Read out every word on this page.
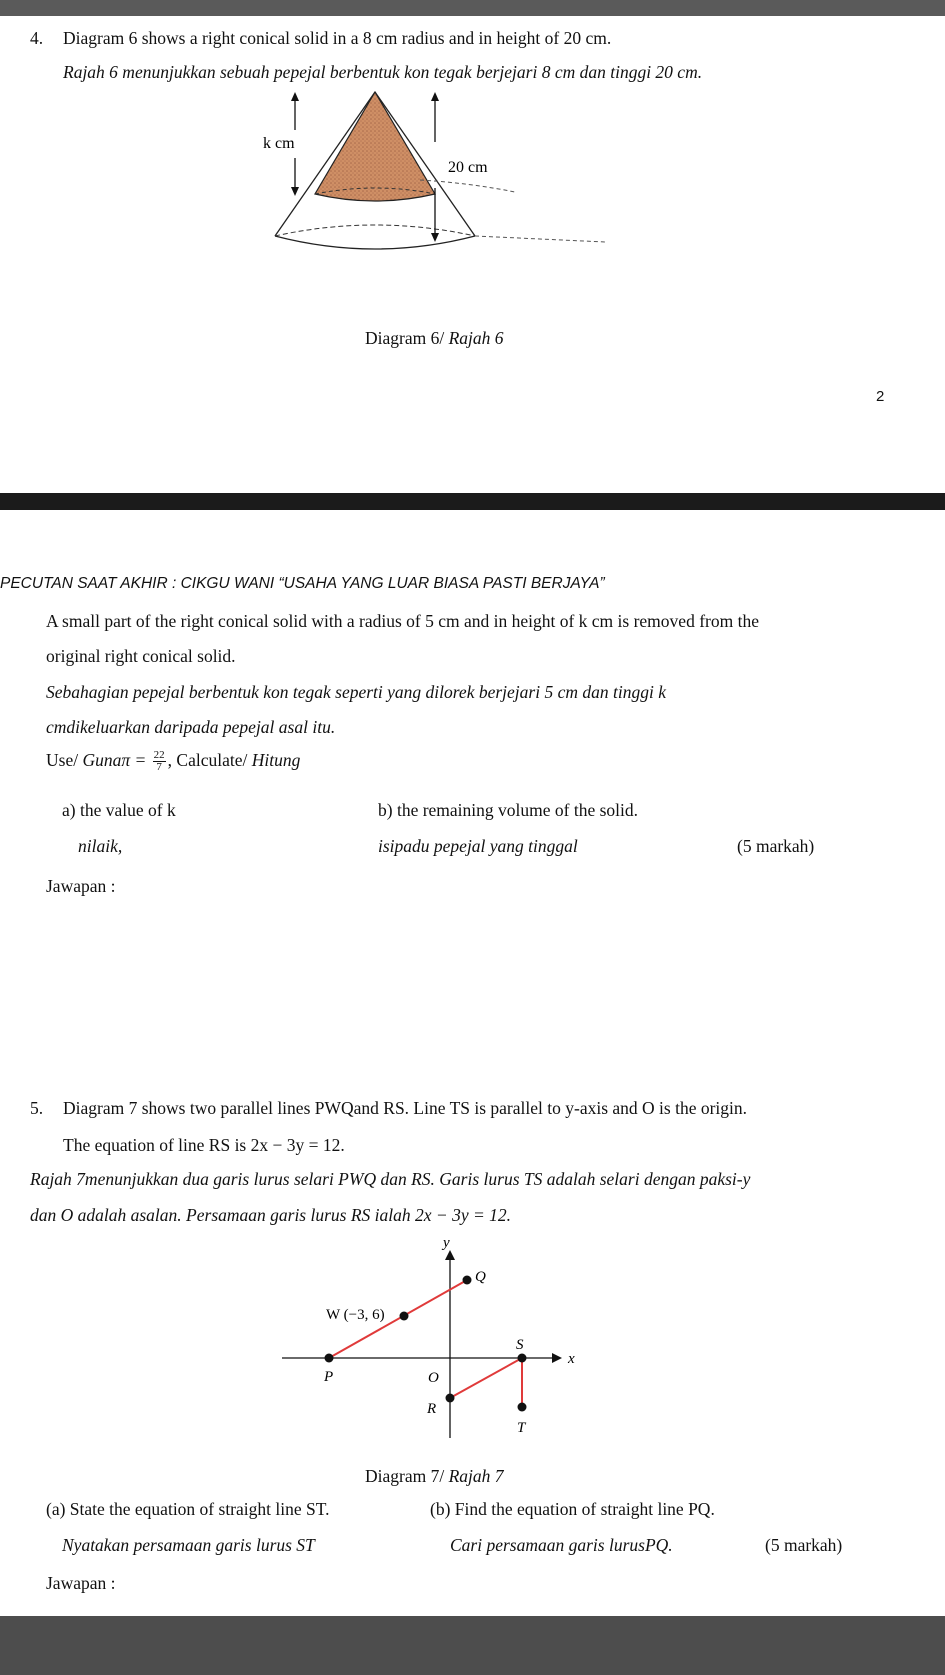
4. Diagram 6 shows a right conical solid in a 8 cm radius and in height of 20 cm.
Rajah 6 menunjukkan sebuah pepejal berbentuk kon tegak berjejari 8 cm dan tinggi 20 cm.
k cm
20 cm
Diagram 6/ Rajah 6
2
PECUTAN SAAT AKHIR : CIKGU WANI “USAHA YANG LUAR BIASA PASTI BERJAYA”
A small part of the right conical solid with a radius of 5 cm and in height of k cm is removed from the
original right conical solid.
Sebahagian pepejal berbentuk kon tegak seperti yang dilorek berjejari 5 cm dan tinggi k
cmdikeluarkan daripada pepejal asal itu.
Use/ Gunaπ = $\frac{22}{7}$ , Calculate/ Hitung
a) the value of k	b) the remaining volume of the solid.
nilaik,	isipadu pepejal yang tinggal	(5 markah)
Jawapan :
5. Diagram 7 shows two parallel lines PWQand RS. Line TS is parallel to y-axis and O is the origin.
The equation of line RS is 2x − 3y = 12.
Rajah 7menunjukkan dua garis lurus selari PWQ dan RS. Garis lurus TS adalah selari dengan paksi-y
dan O adalah asalan. Persamaan garis lurus RS ialah 2x − 3y = 12.
y
x
Q
W (−3, 6)
S
P	O
R
T
Diagram 7/ Rajah 7
(a) State the equation of straight line ST.	(b) Find the equation of straight line PQ.
Nyatakan persamaan garis lurus ST	Cari persamaan garis lurusPQ.	(5 markah)
Jawapan :
